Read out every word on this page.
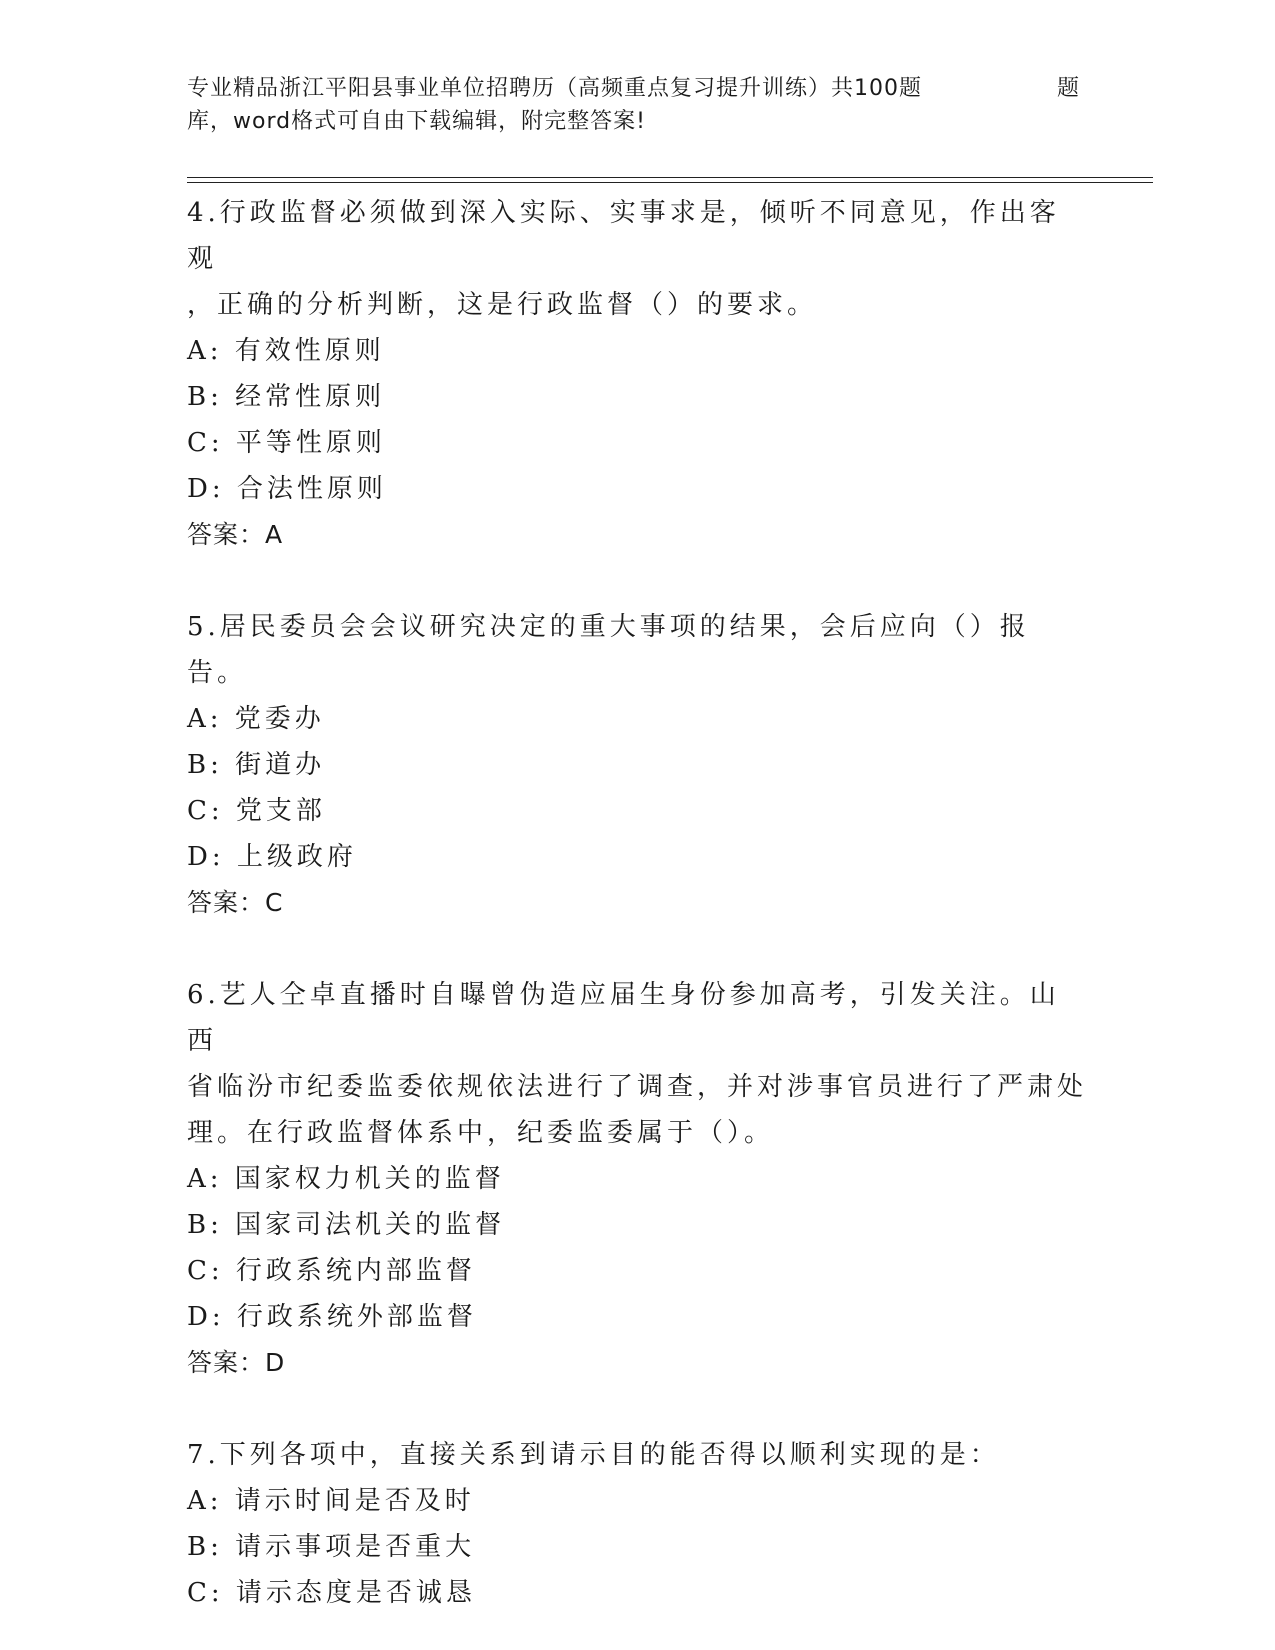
专业精品浙江平阳县事业单位招聘历（高频重点复习提升训练）共100题	题
库，word格式可自由下载编辑，附完整答案!

4.行政监督必须做到深入实际、实事求是，倾听不同意见，作出客观

，正确的分析判断，这是行政监督（）的要求。

A: 有效性原则

B: 经常性原则

C: 平等性原则

D: 合法性原则

答案：A

5.居民委员会会议研究决定的重大事项的结果，会后应向（）报告。

A: 党委办

B: 街道办

C: 党支部

D: 上级政府

答案：C

6.艺人仝卓直播时自曝曾伪造应届生身份参加高考，引发关注。山西

省临汾市纪委监委依规依法进行了调查，并对涉事官员进行了严肃处

理。在行政监督体系中，纪委监委属于（）。

A: 国家权力机关的监督

B: 国家司法机关的监督

C: 行政系统内部监督

D: 行政系统外部监督

答案：D

7.下列各项中，直接关系到请示目的能否得以顺利实现的是：

A: 请示时间是否及时

B: 请示事项是否重大

C: 请示态度是否诚恳
